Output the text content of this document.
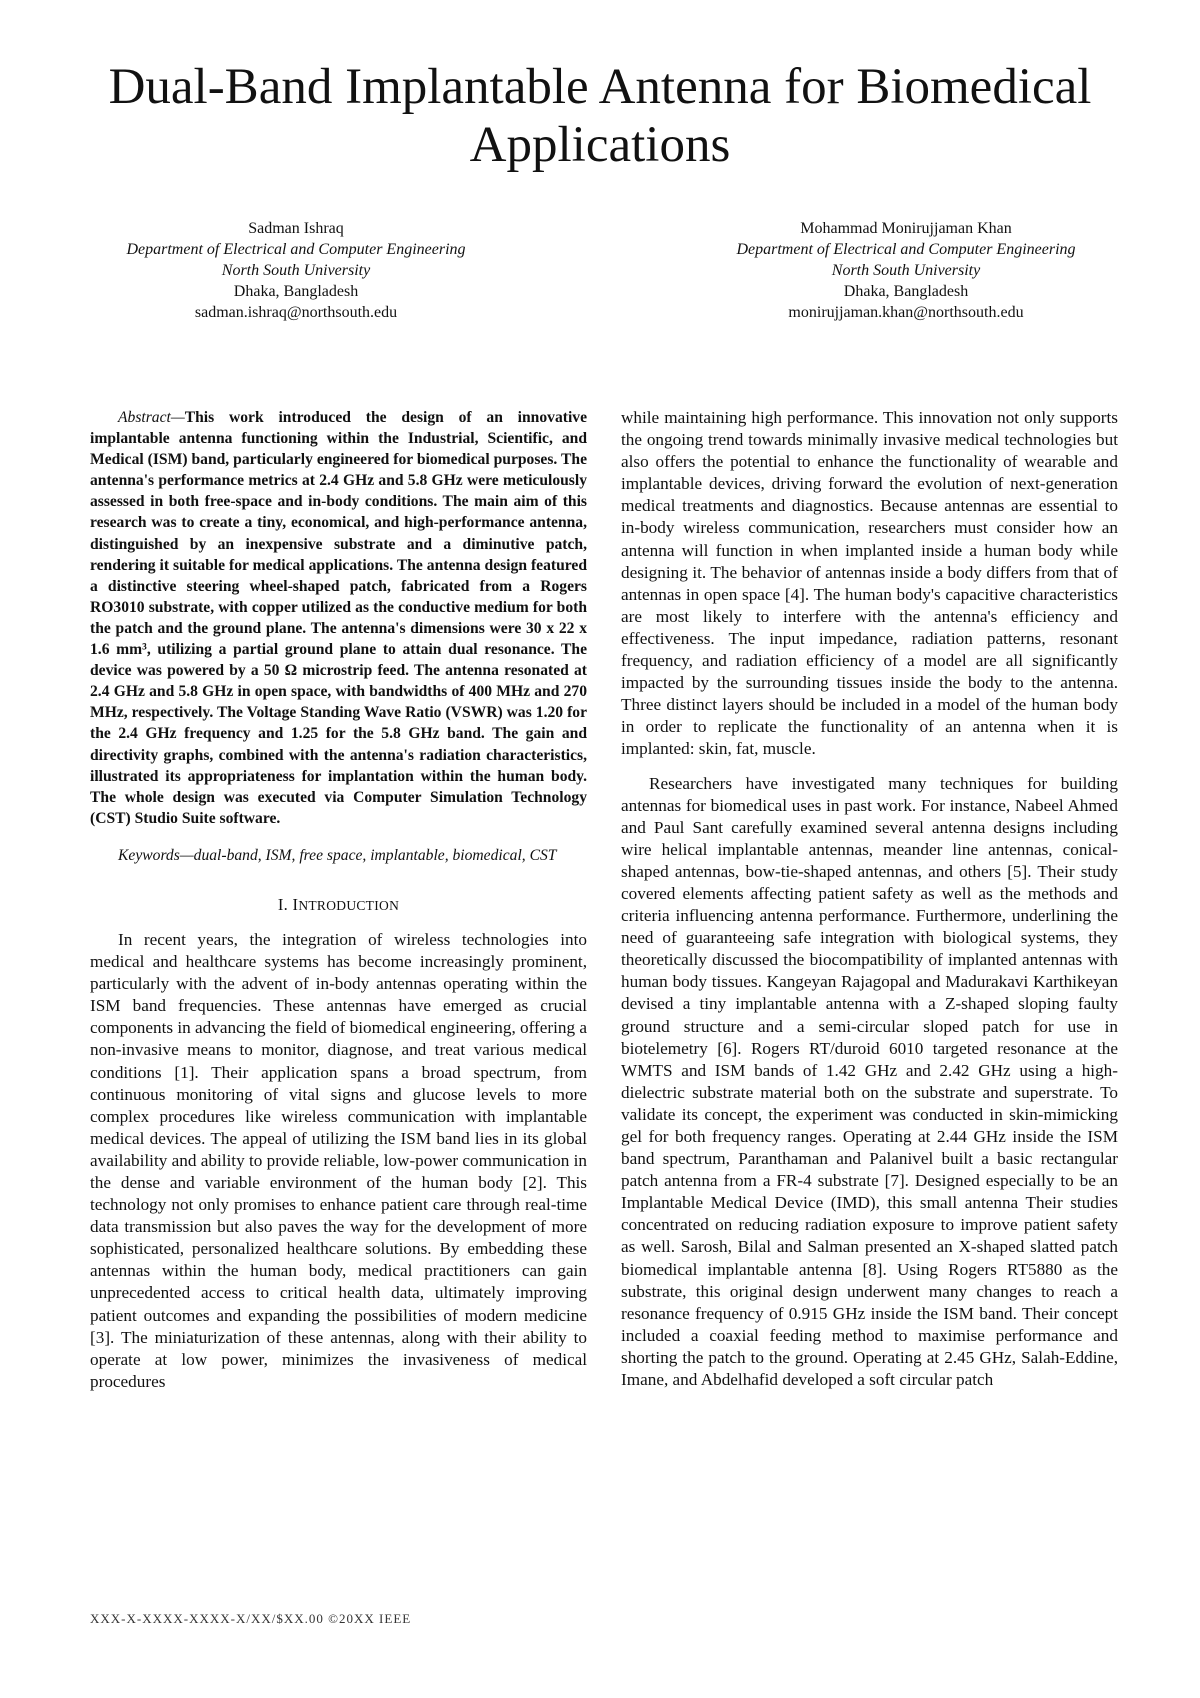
Dual-Band Implantable Antenna for Biomedical Applications
Sadman Ishraq
Department of Electrical and Computer Engineering
North South University
Dhaka, Bangladesh
sadman.ishraq@northsouth.edu
Mohammad Monirujjaman Khan
Department of Electrical and Computer Engineering
North South University
Dhaka, Bangladesh
monirujjaman.khan@northsouth.edu

Abstract—This work introduced the design of an innovative implantable antenna functioning within the Industrial, Scientific, and Medical (ISM) band, particularly engineered for biomedical purposes. The antenna's performance metrics at 2.4 GHz and 5.8 GHz were meticulously assessed in both free-space and in-body conditions. The main aim of this research was to create a tiny, economical, and high-performance antenna, distinguished by an inexpensive substrate and a diminutive patch, rendering it suitable for medical applications. The antenna design featured a distinctive steering wheel-shaped patch, fabricated from a Rogers RO3010 substrate, with copper utilized as the conductive medium for both the patch and the ground plane. The antenna's dimensions were 30 x 22 x 1.6 mm³, utilizing a partial ground plane to attain dual resonance. The device was powered by a 50 Ω microstrip feed. The antenna resonated at 2.4 GHz and 5.8 GHz in open space, with bandwidths of 400 MHz and 270 MHz, respectively. The Voltage Standing Wave Ratio (VSWR) was 1.20 for the 2.4 GHz frequency and 1.25 for the 5.8 GHz band. The gain and directivity graphs, combined with the antenna's radiation characteristics, illustrated its appropriateness for implantation within the human body. The whole design was executed via Computer Simulation Technology (CST) Studio Suite software.

Keywords—dual-band, ISM, free space, implantable, biomedical, CST

I. INTRODUCTION

In recent years, the integration of wireless technologies into medical and healthcare systems has become increasingly prominent, particularly with the advent of in-body antennas operating within the ISM band frequencies. These antennas have emerged as crucial components in advancing the field of biomedical engineering, offering a non-invasive means to monitor, diagnose, and treat various medical conditions [1]. Their application spans a broad spectrum, from continuous monitoring of vital signs and glucose levels to more complex procedures like wireless communication with implantable medical devices. The appeal of utilizing the ISM band lies in its global availability and ability to provide reliable, low-power communication in the dense and variable environment of the human body [2]. This technology not only promises to enhance patient care through real-time data transmission but also paves the way for the development of more sophisticated, personalized healthcare solutions. By embedding these antennas within the human body, medical practitioners can gain unprecedented access to critical health data, ultimately improving patient outcomes and expanding the possibilities of modern medicine [3]. The miniaturization of these antennas, along with their ability to operate at low power, minimizes the invasiveness of medical procedures

while maintaining high performance. This innovation not only supports the ongoing trend towards minimally invasive medical technologies but also offers the potential to enhance the functionality of wearable and implantable devices, driving forward the evolution of next-generation medical treatments and diagnostics. Because antennas are essential to in-body wireless communication, researchers must consider how an antenna will function in when implanted inside a human body while designing it. The behavior of antennas inside a body differs from that of antennas in open space [4]. The human body's capacitive characteristics are most likely to interfere with the antenna's efficiency and effectiveness. The input impedance, radiation patterns, resonant frequency, and radiation efficiency of a model are all significantly impacted by the surrounding tissues inside the body to the antenna. Three distinct layers should be included in a model of the human body in order to replicate the functionality of an antenna when it is implanted: skin, fat, muscle.

Researchers have investigated many techniques for building antennas for biomedical uses in past work. For instance, Nabeel Ahmed and Paul Sant carefully examined several antenna designs including wire helical implantable antennas, meander line antennas, conical-shaped antennas, bow-tie-shaped antennas, and others [5]. Their study covered elements affecting patient safety as well as the methods and criteria influencing antenna performance. Furthermore, underlining the need of guaranteeing safe integration with biological systems, they theoretically discussed the biocompatibility of implanted antennas with human body tissues. Kangeyan Rajagopal and Madurakavi Karthikeyan devised a tiny implantable antenna with a Z-shaped sloping faulty ground structure and a semi-circular sloped patch for use in biotelemetry [6]. Rogers RT/duroid 6010 targeted resonance at the WMTS and ISM bands of 1.42 GHz and 2.42 GHz using a high-dielectric substrate material both on the substrate and superstrate. To validate its concept, the experiment was conducted in skin-mimicking gel for both frequency ranges. Operating at 2.44 GHz inside the ISM band spectrum, Paranthaman and Palanivel built a basic rectangular patch antenna from a FR-4 substrate [7]. Designed especially to be an Implantable Medical Device (IMD), this small antenna Their studies concentrated on reducing radiation exposure to improve patient safety as well. Sarosh, Bilal and Salman presented an X-shaped slatted patch biomedical implantable antenna [8]. Using Rogers RT5880 as the substrate, this original design underwent many changes to reach a resonance frequency of 0.915 GHz inside the ISM band. Their concept included a coaxial feeding method to maximise performance and shorting the patch to the ground. Operating at 2.45 GHz, Salah-Eddine, Imane, and Abdelhafid developed a soft circular patch

XXX-X-XXXX-XXXX-X/XX/$XX.00 ©20XX IEEE
